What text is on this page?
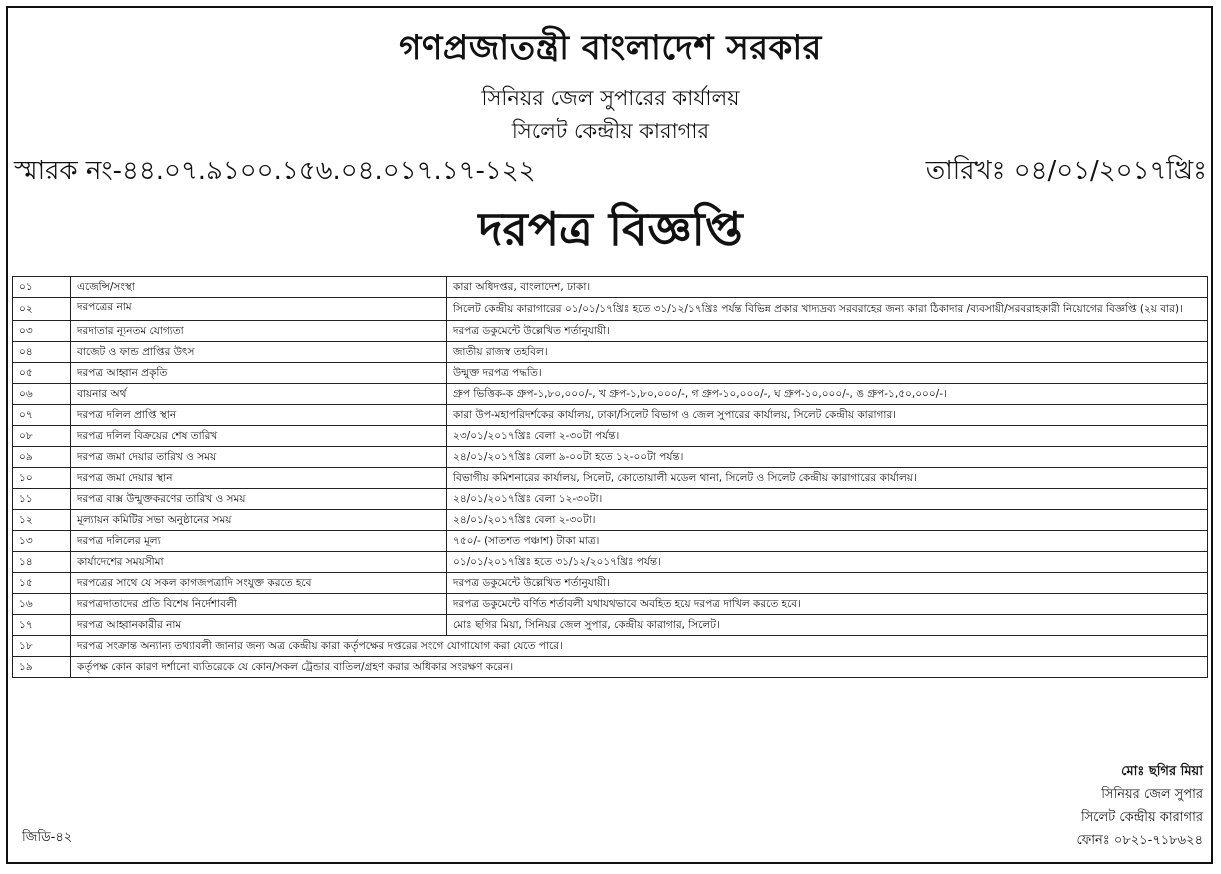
গণপ্রজাতন্ত্রী বাংলাদেশ সরকার
সিনিয়র জেল সুপারের কার্যালয়
সিলেট কেন্দ্রীয় কারাগার
স্মারক নং-৪৪.০৭.৯১০০.১৫৬.০৪.০১৭.১৭-১২২	তারিখঃ ০৪/০১/২০১৭খ্রিঃ
দরপত্র বিজ্ঞপ্তি
০১	এজেন্সি/সংস্থা	কারা অধিদপ্তর, বাংলাদেশ, ঢাকা।
০২	দরপত্রের নাম	সিলেট কেন্দ্রীয় কারাগারের ০১/০১/১৭খ্রিঃ হতে ৩১/১২/১৭খ্রিঃ পর্যন্ত বিভিন্ন প্রকার খাদ্যদ্রব্য সরবরাহের জন্য কারা ঠিকাদার /ব্যবসায়ী/সরবরাহকারী নিয়োগের বিজ্ঞপ্তি (২য় বার)।
০৩	দরদাতার ন্যূনতম যোগ্যতা	দরপত্র ডকুমেন্টে উল্লেখিত শর্তানুযায়ী।
০৪	বাজেট ও ফান্ড প্রাপ্তির উৎস	জাতীয় রাজস্ব তহবিল।
০৫	দরপত্র আহ্বান প্রকৃতি	উন্মুক্ত দরপত্র পদ্ধতি।
০৬	বায়নার অর্থ	গ্রুপ ভিত্তিক-ক গ্রুপ-১,৮০,০০০/-, খ গ্রুপ-১,৮০,০০০/-, গ গ্রুপ-১০,০০০/-, ঘ গ্রুপ-১০,০০০/-, ঙ গ্রুপ-১,৫০,০০০/-।
০৭	দরপত্র দলিল প্রাপ্তি স্থান	কারা উপ-মহাপরিদর্শকের কার্যালয়, ঢাকা/সিলেট বিভাগ ও জেল সুপারের কার্যালয়, সিলেট কেন্দ্রীয় কারাগার।
০৮	দরপত্র দলিল বিক্রয়ের শেষ তারিখ	২৩/০১/২০১৭খ্রিঃ বেলা ২-৩০টা পর্যন্ত।
০৯	দরপত্র জমা দেয়ার তারিখ ও সময়	২৪/০১/২০১৭খ্রিঃ বেলা ৯-০০টা হতে ১২-০০টা পর্যন্ত।
১০	দরপত্র জমা দেয়ার স্থান	বিভাগীয় কমিশনারের কার্যালয়, সিলেট, কোতোয়ালী মডেল থানা, সিলেট ও সিলেট কেন্দ্রীয় কারাগারের কার্যালয়।
১১	দরপত্র বাক্স উন্মুক্তকরণের তারিখ ও সময়	২৪/০১/২০১৭খ্রিঃ বেলা ১২-৩০টা।
১২	মূল্যায়ন কমিটির সভা অনুষ্ঠানের সময়	২৪/০১/২০১৭খ্রিঃ বেলা ২-৩০টা।
১৩	দরপত্র দলিলের মূল্য	৭৫০/- (সাতশত পঞ্চাশ) টাকা মাত্র।
১৪	কার্যাদেশের সময়সীমা	০১/০১/২০১৭খ্রিঃ হতে ৩১/১২/২০১৭খ্রিঃ পর্যন্ত।
১৫	দরপত্রের সাথে যে সকল কাগজপত্রাদি সংযুক্ত করতে হবে	দরপত্র ডকুমেন্টে উল্লেখিত শর্তানুযায়ী।
১৬	দরপত্রদাতাদের প্রতি বিশেষ নির্দেশাবলী	দরপত্র ডকুমেন্টে বর্ণিত শর্তাবলী যথাযথভাবে অবহিত হয়ে দরপত্র দাখিল করতে হবে।
১৭	দরপত্র আহ্বানকারীর নাম	মোঃ ছগির মিয়া, সিনিয়র জেল সুপার, কেন্দ্রীয় কারাগার, সিলেট।
১৮	দরপত্র সংক্রান্ত অন্যান্য তথ্যাবলী জানার জন্য অত্র কেন্দ্রীয় কারা কর্তৃপক্ষের দপ্তরের সংগে যোগাযোগ করা যেতে পারে।	
১৯	কর্তৃপক্ষ কোন কারণ দর্শানো ব্যতিরেকে যে কোন/সকল ট্রেন্ডার বাতিল/গ্রহণ করার অধিকার সংরক্ষণ করেন।	
মোঃ ছগির মিয়া
সিনিয়র জেল সুপার
সিলেট কেন্দ্রীয় কারাগার
ফোনঃ ০৮২১-৭১৮৬২৪
জিডি-৪২
